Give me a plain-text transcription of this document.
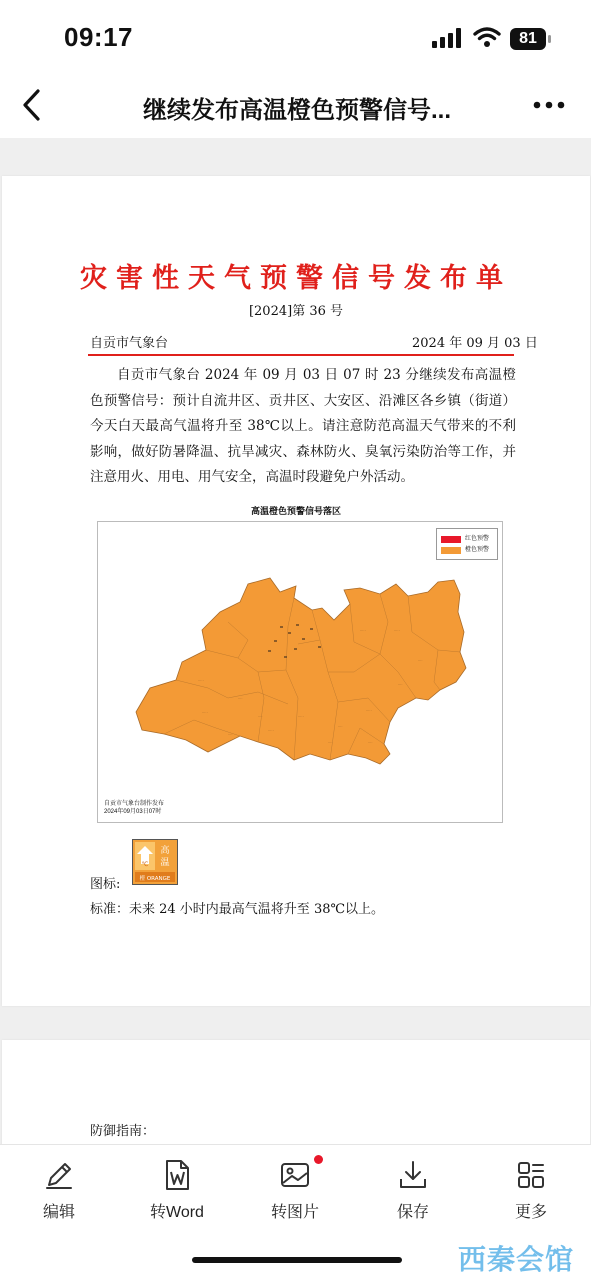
09:17	81
继续发布高温橙色预警信号...
灾害性天气预警信号发布单
[2024]第 36 号
自贡市气象台	2024 年 09 月 03 日
自贡市气象台 2024 年 09 月 03 日 07 时 23 分继续发布高温橙色预警信号：预计自流井区、贡井区、大安区、沿滩区各乡镇（街道）今天白天最高气温将升至 38℃以上。请注意防范高温天气带来的不利影响，做好防暑降温、抗旱减灾、森林防火、臭氧污染防治等工作，并注意用火、用电、用气安全，高温时段避免户外活动。
高温橙色预警信号落区
·····
····
·····
····	·····
····
·····
····
·····
····
·····
····
·····
····	····
红色预警
橙色预警
自贡市气象台制作发布
2024年09月03日07时
图标:
℃
高
温
橙 ORANGE
标准：未来 24 小时内最高气温将升至 38℃以上。
防御指南：
编辑	转Word	转图片	保存	更多
西秦会馆
